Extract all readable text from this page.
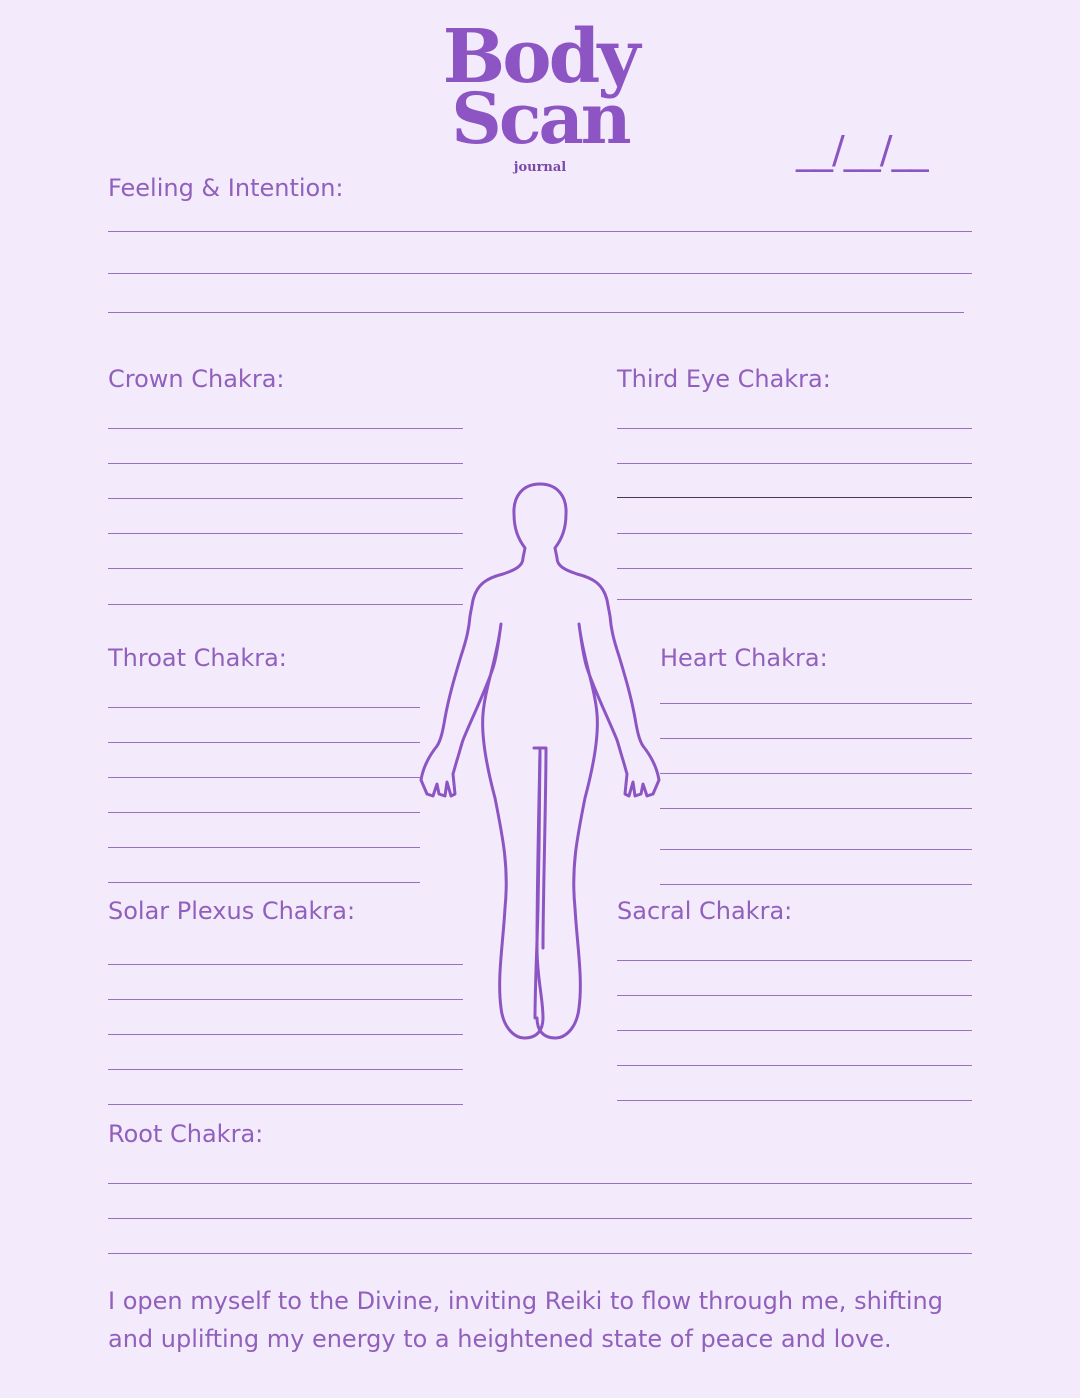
Body
Scan
journal	__/__/__
Feeling & Intention:
Crown Chakra:	Third Eye Chakra:
Throat Chakra:	Heart Chakra:
Solar Plexus Chakra:	Sacral Chakra:
Root Chakra:
I open myself to the Divine, inviting Reiki to flow through me, shifting and uplifting my energy to a heightened state of peace and love.
